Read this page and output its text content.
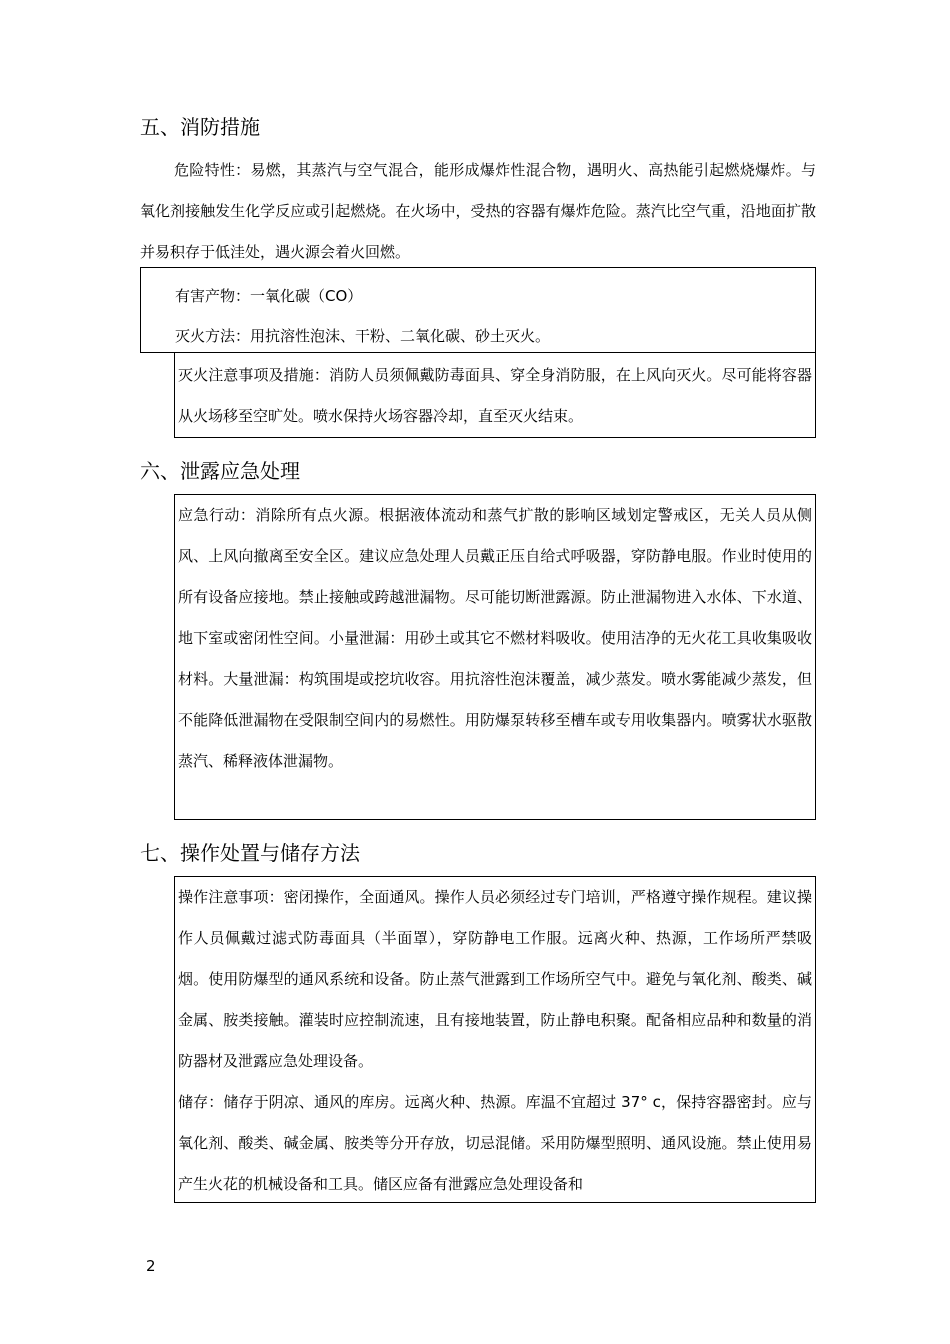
五、消防措施

危险特性：易燃，其蒸汽与空气混合，能形成爆炸性混合物，遇明火、高热能引起燃烧爆炸。与氧化剂接触发生化学反应或引起燃烧。在火场中，受热的容器有爆炸危险。蒸汽比空气重，沿地面扩散并易积存于低洼处，遇火源会着火回燃。

有害产物：一氧化碳（CO）

灭火方法：用抗溶性泡沫、干粉、二氧化碳、砂土灭火。

灭火注意事项及措施：消防人员须佩戴防毒面具、穿全身消防服，在上风向灭火。尽可能将容器从火场移至空旷处。喷水保持火场容器冷却，直至灭火结束。

六、泄露应急处理

应急行动：消除所有点火源。根据液体流动和蒸气扩散的影响区域划定警戒区，无关人员从侧风、上风向撤离至安全区。建议应急处理人员戴正压自给式呼吸器，穿防静电服。作业时使用的所有设备应接地。禁止接触或跨越泄漏物。尽可能切断泄露源。防止泄漏物进入水体、下水道、地下室或密闭性空间。小量泄漏：用砂土或其它不燃材料吸收。使用洁净的无火花工具收集吸收材料。大量泄漏：构筑围堤或挖坑收容。用抗溶性泡沫覆盖，减少蒸发。喷水雾能减少蒸发，但不能降低泄漏物在受限制空间内的易燃性。用防爆泵转移至槽车或专用收集器内。喷雾状水驱散蒸汽、稀释液体泄漏物。

七、操作处置与储存方法

操作注意事项：密闭操作，全面通风。操作人员必须经过专门培训，严格遵守操作规程。建议操作人员佩戴过滤式防毒面具（半面罩），穿防静电工作服。远离火种、热源，工作场所严禁吸烟。使用防爆型的通风系统和设备。防止蒸气泄露到工作场所空气中。避免与氧化剂、酸类、碱金属、胺类接触。灌装时应控制流速，且有接地装置，防止静电积聚。配备相应品种和数量的消防器材及泄露应急处理设备。

储存：储存于阴凉、通风的库房。远离火种、热源。库温不宜超过 37° c，保持容器密封。应与氧化剂、酸类、碱金属、胺类等分开存放，切忌混储。采用防爆型照明、通风设施。禁止使用易产生火花的机械设备和工具。储区应备有泄露应急处理设备和

2
